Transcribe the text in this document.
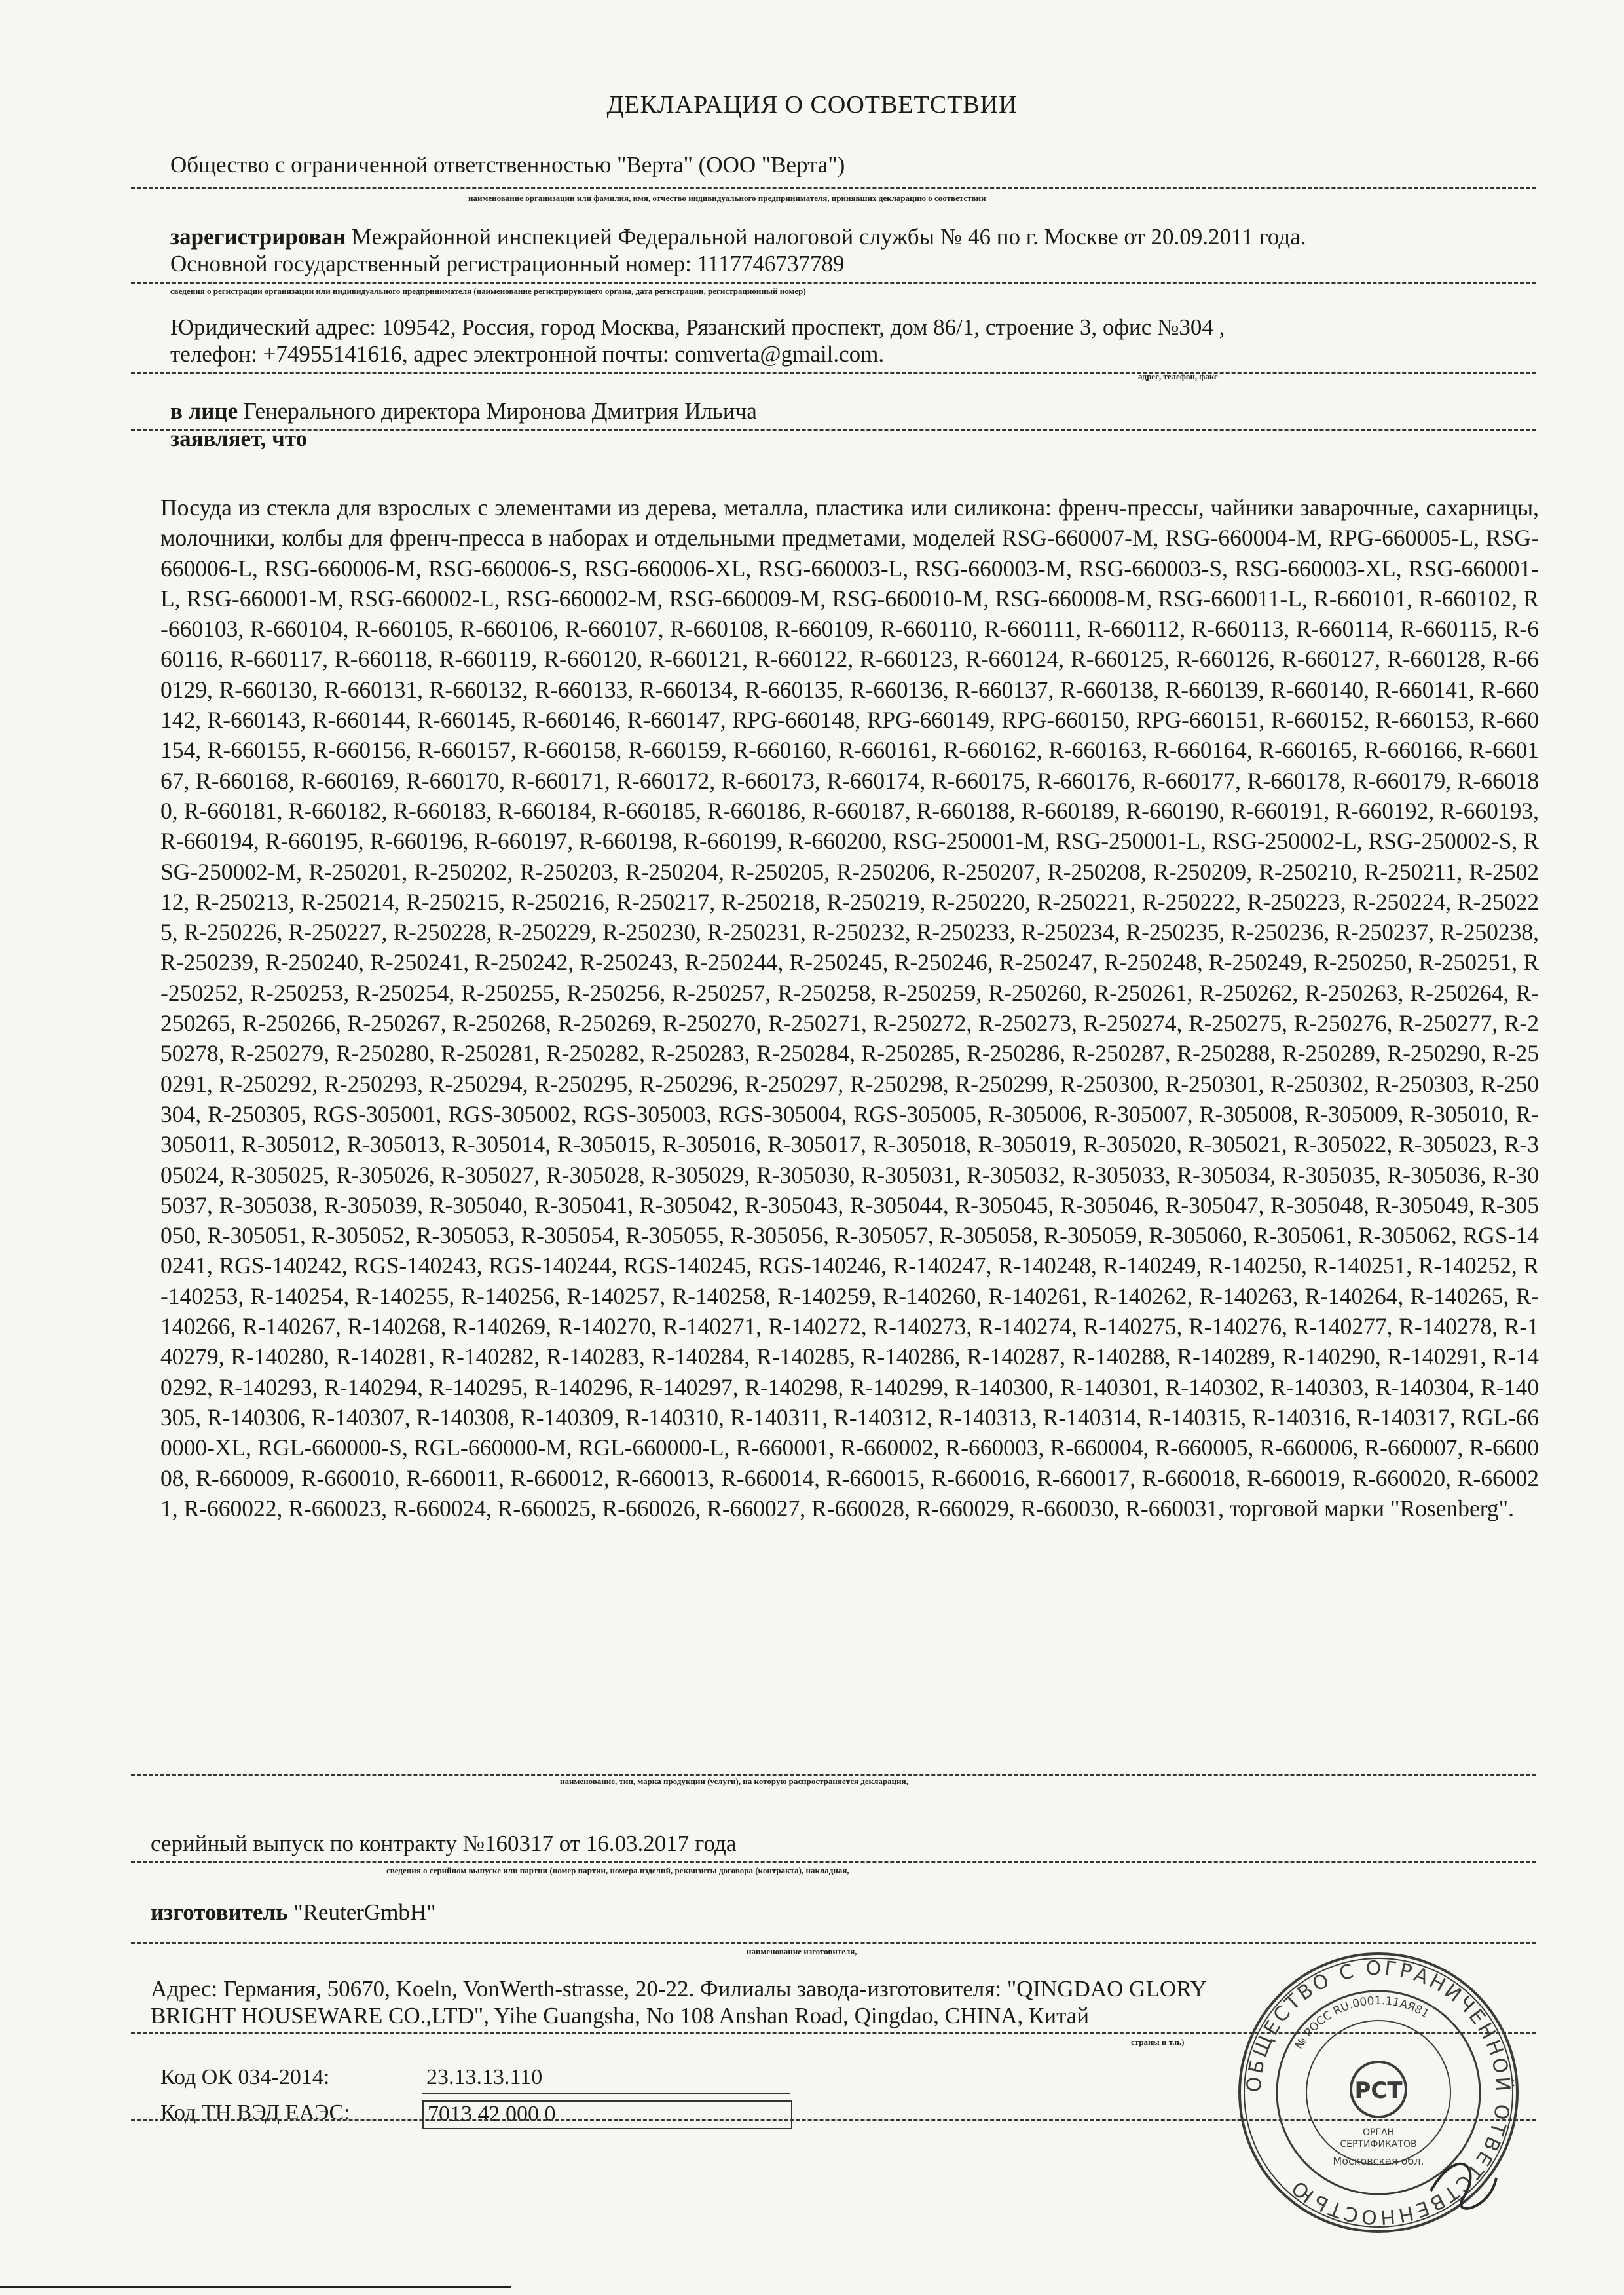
ДЕКЛАРАЦИЯ О СООТВЕТСТВИИ
Общество с ограниченной ответственностью "Верта" (ООО "Верта")
наименование организации или фамилия, имя, отчество индивидуального предпринимателя, принявших декларацию о соответствии
зарегистрирован Межрайонной инспекцией Федеральной налоговой службы № 46 по г. Москве от 20.09.2011 года.
Основной государственный регистрационный номер: 1117746737789
сведения о регистрации организации или индивидуального предпринимателя (наименование регистрирующего органа, дата регистрации, регистрационный номер)
Юридический адрес: 109542, Россия, город Москва, Рязанский проспект, дом 86/1, строение 3, офис №304 ,
телефон: +74955141616, адрес электронной почты: comverta@gmail.com.
адрес, телефон, факс
в лице Генерального директора Миронова Дмитрия Ильича
заявляет, что
Посуда из стекла для взрослых с элементами из дерева, металла, пластика или силикона: френч-прессы, чайники заварочные, сахарницы, молочники, колбы для френч-пресса в наборах и отдельными предметами, моделей RSG-660007-M, RSG-660004-M, RPG-660005-L, RSG-660006-L, RSG-660006-M, RSG-660006-S, RSG-660006-XL, RSG-660003-L, RSG-660003-M, RSG-660003-S, RSG-660003-XL, RSG-660001-L, RSG-660001-M, RSG-660002-L, RSG-660002-M, RSG-660009-M, RSG-660010-M, RSG-660008-M, RSG-660011-L, R-660101, R-660102, R-660103, R-660104, R-660105, R-660106, R-660107, R-660108, R-660109, R-660110, R-660111, R-660112, R-660113, R-660114, R-660115, R-660116, R-660117, R-660118, R-660119, R-660120, R-660121, R-660122, R-660123, R-660124, R-660125, R-660126, R-660127, R-660128, R-660129, R-660130, R-660131, R-660132, R-660133, R-660134, R-660135, R-660136, R-660137, R-660138, R-660139, R-660140, R-660141, R-660142, R-660143, R-660144, R-660145, R-660146, R-660147, RPG-660148, RPG-660149, RPG-660150, RPG-660151, R-660152, R-660153, R-660154, R-660155, R-660156, R-660157, R-660158, R-660159, R-660160, R-660161, R-660162, R-660163, R-660164, R-660165, R-660166, R-660167, R-660168, R-660169, R-660170, R-660171, R-660172, R-660173, R-660174, R-660175, R-660176, R-660177, R-660178, R-660179, R-660180, R-660181, R-660182, R-660183, R-660184, R-660185, R-660186, R-660187, R-660188, R-660189, R-660190, R-660191, R-660192, R-660193, R-660194, R-660195, R-660196, R-660197, R-660198, R-660199, R-660200, RSG-250001-M, RSG-250001-L, RSG-250002-L, RSG-250002-S, RSG-250002-M, R-250201, R-250202, R-250203, R-250204, R-250205, R-250206, R-250207, R-250208, R-250209, R-250210, R-250211, R-250212, R-250213, R-250214, R-250215, R-250216, R-250217, R-250218, R-250219, R-250220, R-250221, R-250222, R-250223, R-250224, R-250225, R-250226, R-250227, R-250228, R-250229, R-250230, R-250231, R-250232, R-250233, R-250234, R-250235, R-250236, R-250237, R-250238, R-250239, R-250240, R-250241, R-250242, R-250243, R-250244, R-250245, R-250246, R-250247, R-250248, R-250249, R-250250, R-250251, R-250252, R-250253, R-250254, R-250255, R-250256, R-250257, R-250258, R-250259, R-250260, R-250261, R-250262, R-250263, R-250264, R-250265, R-250266, R-250267, R-250268, R-250269, R-250270, R-250271, R-250272, R-250273, R-250274, R-250275, R-250276, R-250277, R-250278, R-250279, R-250280, R-250281, R-250282, R-250283, R-250284, R-250285, R-250286, R-250287, R-250288, R-250289, R-250290, R-250291, R-250292, R-250293, R-250294, R-250295, R-250296, R-250297, R-250298, R-250299, R-250300, R-250301, R-250302, R-250303, R-250304, R-250305, RGS-305001, RGS-305002, RGS-305003, RGS-305004, RGS-305005, R-305006, R-305007, R-305008, R-305009, R-305010, R-305011, R-305012, R-305013, R-305014, R-305015, R-305016, R-305017, R-305018, R-305019, R-305020, R-305021, R-305022, R-305023, R-305024, R-305025, R-305026, R-305027, R-305028, R-305029, R-305030, R-305031, R-305032, R-305033, R-305034, R-305035, R-305036, R-305037, R-305038, R-305039, R-305040, R-305041, R-305042, R-305043, R-305044, R-305045, R-305046, R-305047, R-305048, R-305049, R-305050, R-305051, R-305052, R-305053, R-305054, R-305055, R-305056, R-305057, R-305058, R-305059, R-305060, R-305061, R-305062, RGS-140241, RGS-140242, RGS-140243, RGS-140244, RGS-140245, RGS-140246, R-140247, R-140248, R-140249, R-140250, R-140251, R-140252, R-140253, R-140254, R-140255, R-140256, R-140257, R-140258, R-140259, R-140260, R-140261, R-140262, R-140263, R-140264, R-140265, R-140266, R-140267, R-140268, R-140269, R-140270, R-140271, R-140272, R-140273, R-140274, R-140275, R-140276, R-140277, R-140278, R-140279, R-140280, R-140281, R-140282, R-140283, R-140284, R-140285, R-140286, R-140287, R-140288, R-140289, R-140290, R-140291, R-140292, R-140293, R-140294, R-140295, R-140296, R-140297, R-140298, R-140299, R-140300, R-140301, R-140302, R-140303, R-140304, R-140305, R-140306, R-140307, R-140308, R-140309, R-140310, R-140311, R-140312, R-140313, R-140314, R-140315, R-140316, R-140317, RGL-660000-XL, RGL-660000-S, RGL-660000-M, RGL-660000-L, R-660001, R-660002, R-660003, R-660004, R-660005, R-660006, R-660007, R-660008, R-660009, R-660010, R-660011, R-660012, R-660013, R-660014, R-660015, R-660016, R-660017, R-660018, R-660019, R-660020, R-660021, R-660022, R-660023, R-660024, R-660025, R-660026, R-660027, R-660028, R-660029, R-660030, R-660031, торговой марки "Rosenberg".
наименование, тип, марка продукции (услуги), на которую распространяется декларация,
серийный выпуск по контракту №160317 от 16.03.2017 года
сведения о серийном выпуске или партии (номер партии, номера изделий, реквизиты договора (контракта), накладная,
изготовитель "ReuterGmbH"
наименование изготовителя,
Адрес: Германия, 50670, Koeln, VonWerth-strasse, 20-22. Филиалы завода-изготовителя: "QINGDAO GLORY
BRIGHT HOUSEWARE CO.,LTD", Yihe Guangsha, No 108 Anshan Road, Qingdao, CHINA, Китай
страны и т.п.)
Код ОК 034-2014:	23.13.13.110
Код ТН ВЭД ЕАЭС:	7013 42 000 0
ОБЩЕСТВО С ОГРАНИЧЕННОЙ ОТВЕТСТВЕННОСТЬЮ
№ РОСС RU.0001.11АЯ81
РСТ
ОРГАН
СЕРТИФИКАТОВ
Московская обл.
